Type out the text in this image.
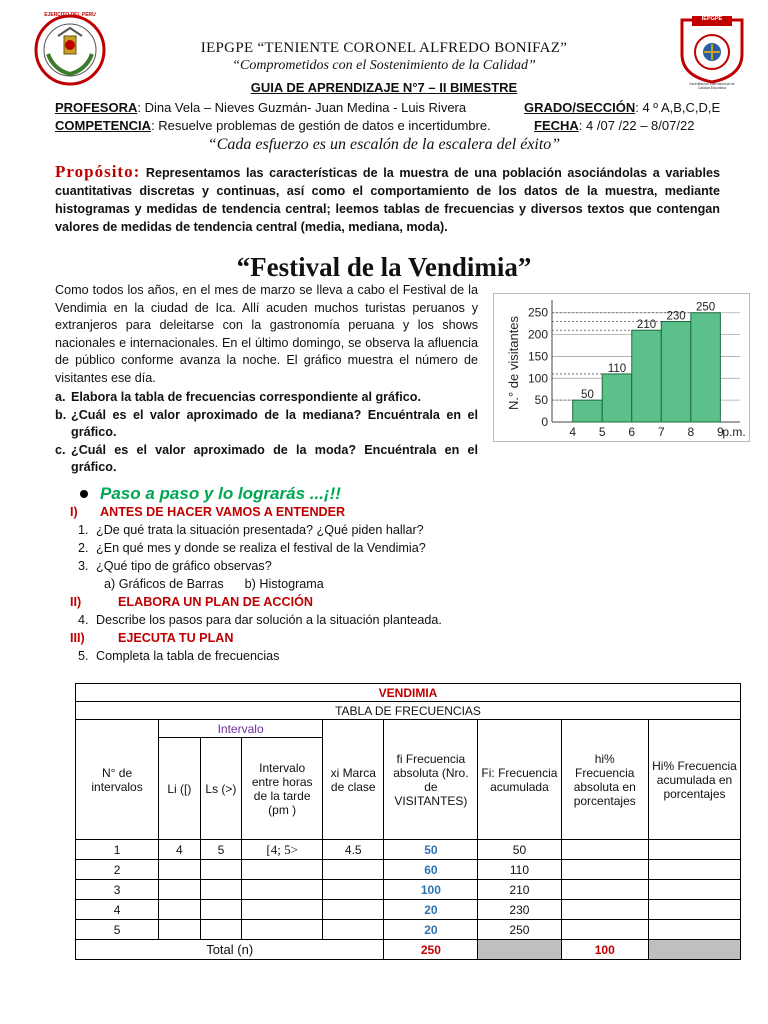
EJERCITO DEL PERU
IEPGPE
Acreditación Internacional de Calidad Educativa
IEPGPE “TENIENTE CORONEL ALFREDO BONIFAZ”
“Comprometidos con el Sostenimiento de la Calidad”
GUIA DE APRENDIZAJE N°7 – II BIMESTRE
PROFESORA: Dina Vela – Nieves Guzmán- Juan Medina - Luis Rivera	GRADO/SECCIÓN: 4 º A,B,C,D,E
COMPETENCIA: Resuelve problemas de gestión de datos e incertidumbre.	FECHA: 4 /07 /22 – 8/07/22
“Cada esfuerzo es un escalón de la escalera del éxito”
Propósito: Representamos las características de la muestra de una población asociándolas a variables cuantitativas discretas y continuas, así como el comportamiento de los datos de la muestra, mediante histogramas y medidas de tendencia central; leemos tablas de frecuencias y diversos textos que contengan valores de medidas de tendencia central (media, mediana, moda).
“Festival de la Vendimia”
Como todos los años, en el mes de marzo se lleva a cabo el Festival de la Vendimia en la ciudad de Ica. Allí acuden muchos turistas peruanos y extranjeros para deleitarse con la gastronomía peruana y los shows nacionales e internacionales. En el último domingo, se observa la afluencia de público conforme avanza la noche. El gráfico muestra el número de visitantes ese día.
a. Elabora la tabla de frecuencias correspondiente al gráfico.
b. ¿Cuál es el valor aproximado de la mediana? Encuéntrala en el gráfico.
c. ¿Cuál es el valor aproximado de la moda? Encuéntrala en el gráfico.
0
50
100
150
200
250
50
110
210
230
250
4 5 6 7 8 9
p.m.
N.° de visitantes
Paso a paso y lo lograrás ...¡!!
I) ANTES DE HACER VAMOS A ENTENDER
1. ¿De qué trata la situación presentada? ¿Qué piden hallar?
2. ¿En qué mes y donde se realiza el festival de la Vendimia?
3. ¿Qué tipo de gráfico observas?
a) Gráficos de Barras      b) Histograma
II)	ELABORA UN PLAN DE ACCIÓN
4. Describe los pasos para dar solución a la situación planteada.
III)	EJECUTA TU PLAN
5. Completa la tabla de frecuencias
VENDIMIA								
TABLA DE FRECUENCIAS								
N° de intervalos	Intervalo			xi Marca de clase	fi Frecuencia absoluta (Nro. de VISITANTES)	Fi: Frecuencia acumulada	hi% Frecuencia absoluta en porcentajes	Hi% Frecuencia acumulada en porcentajes
	Li ([)	Ls (>)	Intervalo entre horas de la tarde (pm )					
1	4	5	[4; 5>	4.5	50	50		
2					60	110		
3					100	210		
4					20	230		
5					20	250		
Total (n)					250		100	
